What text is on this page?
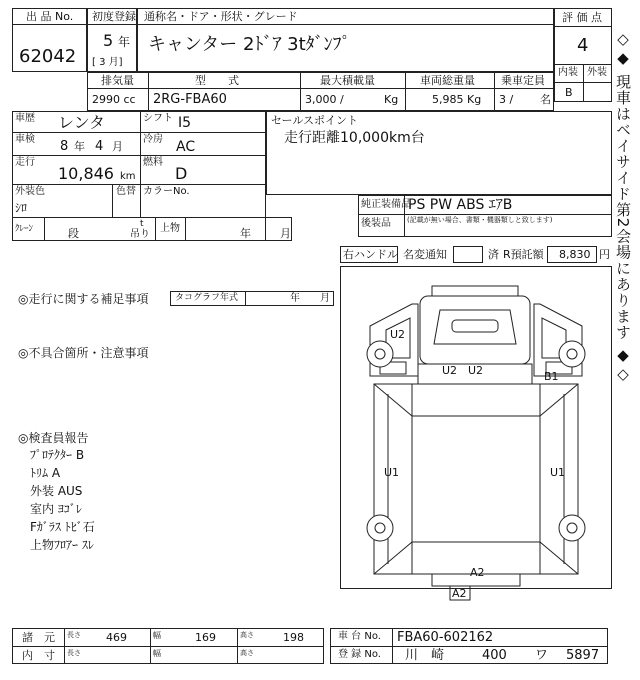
出 品 No.
62042
初度登録
5 年
[ 3 月]
通称名・ドア・形状・グレード
キャンター 2ﾄﾞｱ 3tﾀﾞﾝﾌﾟ
評 価 点
4
内装 外装
B
排気量
2990 cc
型　　式
2RG-FBA60
最大積載量
3,000 /	Kg
車両総重量
5,985 Kg
乗車定員
3 / 名
車歴 レンタ	シフト I5
車検 8 年 4 月
冷房 AC
走行
10,846 km
燃料
D
外装色
ｼﾛ
色替 カラーNo.
ｸﾚｰﾝ	段
t
吊り
上物	年	月
セールスポイント
走行距離10,000km台
純正装備品
PS PW ABS ｴｱB
後装品 (記載が無い場合、書類・機器類しと致します)
右ハンドル 名変通知	済 R預託額 8,830 円
◎走行に関する補足事項	タコグラフ年式	年 月
◎不具合箇所・注意事項
◎検査員報告
ﾌﾟﾛﾃｸﾀｰ B
ﾄﾘﾑ A
外装 AUS
室内 ﾖｺﾞﾚ
Fｶﾞﾗｽ ﾄﾋﾞ石
上物ﾌﾛｱｰ ｽﾚ
U2
U2 U2	B1
U1	U1
A2
A2
諸　元 長さ 469	幅	169	高さ	198
内　寸 長さ	幅	高さ
車 台 No. FBA60-602162
登 録 No. 川　崎	400 ワ 5897
◇◆ 現車はベイサイド第2会場にあります ◆◇
